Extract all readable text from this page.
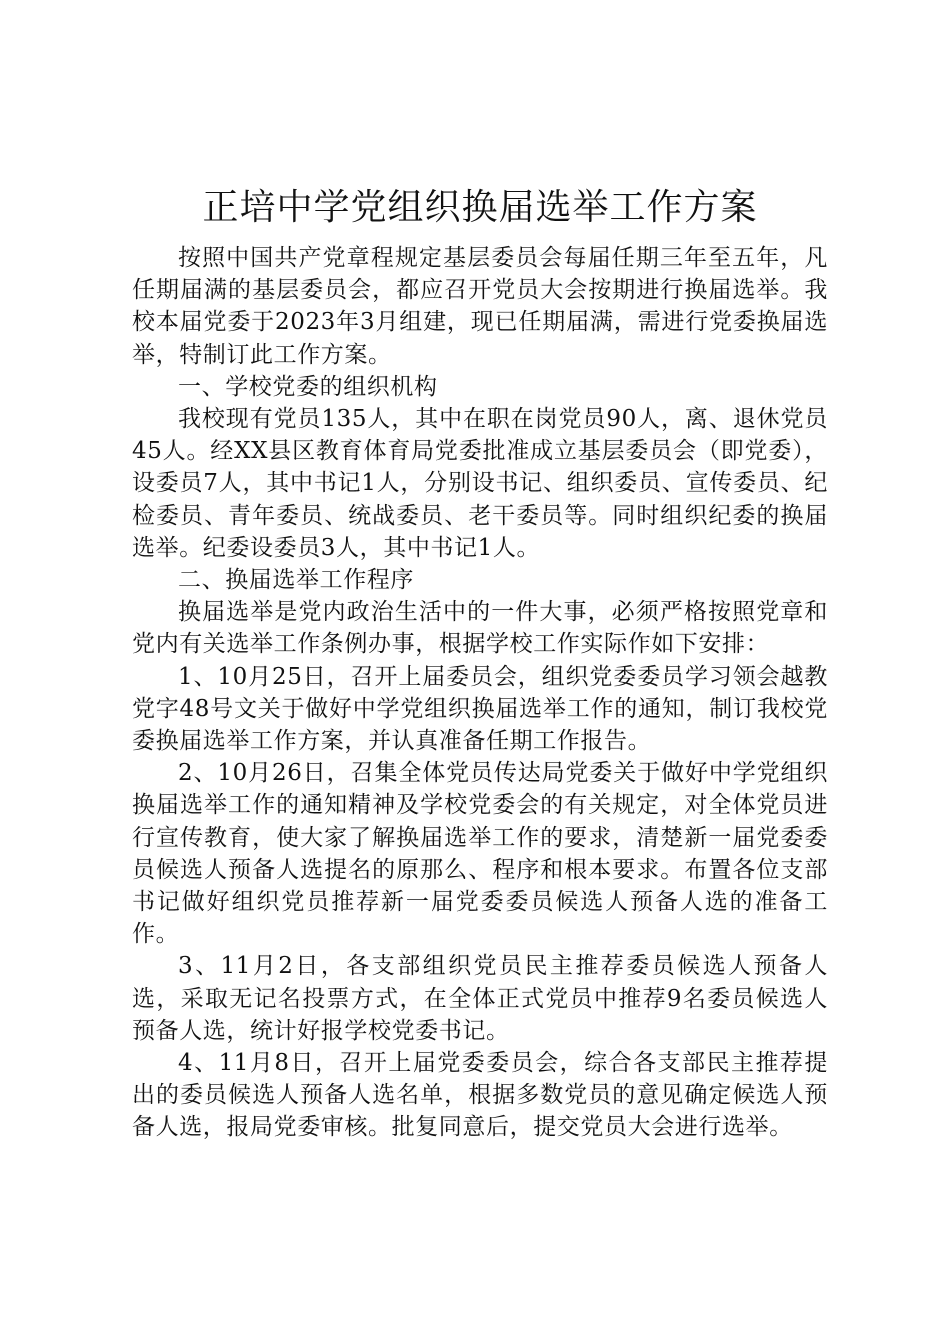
正培中学党组织换届选举工作方案

按照中国共产党章程规定基层委员会每届任期三年至五年，凡任期届满的基层委员会，都应召开党员大会按期进行换届选举。我校本届党委于2023年3月组建，现已任期届满，需进行党委换届选举，特制订此工作方案。

一、学校党委的组织机构

我校现有党员135人，其中在职在岗党员90人，离、退休党员45人。经XX县区教育体育局党委批准成立基层委员会（即党委），设委员7人，其中书记1人，分别设书记、组织委员、宣传委员、纪检委员、青年委员、统战委员、老干委员等。同时组织纪委的换届选举。纪委设委员3人，其中书记1人。

二、换届选举工作程序

换届选举是党内政治生活中的一件大事，必须严格按照党章和党内有关选举工作条例办事，根据学校工作实际作如下安排：

1、10月25日，召开上届委员会，组织党委委员学习领会越教党字48号文关于做好中学党组织换届选举工作的通知，制订我校党委换届选举工作方案，并认真准备任期工作报告。

2、10月26日，召集全体党员传达局党委关于做好中学党组织换届选举工作的通知精神及学校党委会的有关规定，对全体党员进行宣传教育，使大家了解换届选举工作的要求，清楚新一届党委委员候选人预备人选提名的原那么、程序和根本要求。布置各位支部书记做好组织党员推荐新一届党委委员候选人预备人选的准备工作。

3、11月2日，各支部组织党员民主推荐委员候选人预备人选，采取无记名投票方式，在全体正式党员中推荐9名委员候选人预备人选，统计好报学校党委书记。

4、11月8日，召开上届党委委员会，综合各支部民主推荐提出的委员候选人预备人选名单，根据多数党员的意见确定候选人预备人选，报局党委审核。批复同意后，提交党员大会进行选举。
